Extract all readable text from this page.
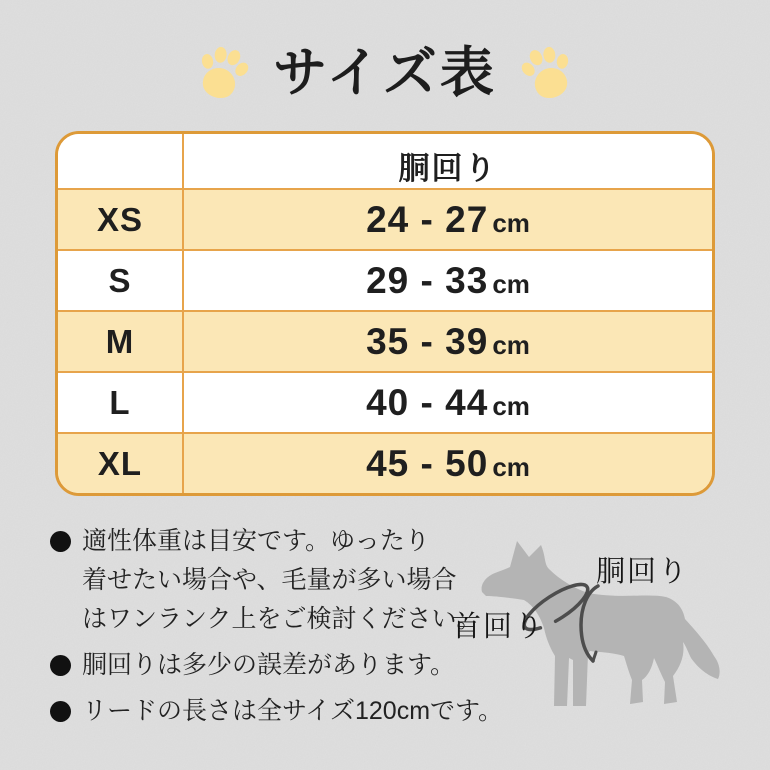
サイズ表
胴回り
XS	24 - 27 cm
S	29 - 33 cm
M	35 - 39 cm
L	40 - 44 cm
XL	45 - 50 cm
適性体重は目安です。ゆったり
着せたい場合や、毛量が多い場合
はワンランク上をご検討ください。
胴回りは多少の誤差があります。
リードの長さは全サイズ120cmです。
胴回り
首回り
